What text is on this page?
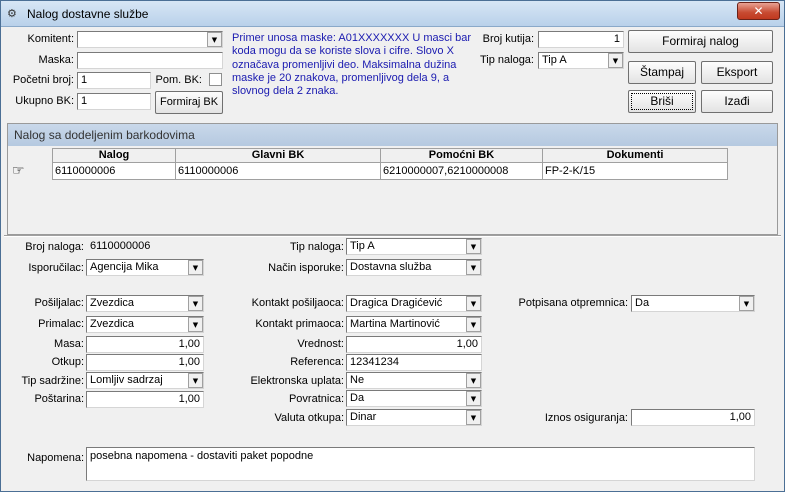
⚙ Nalog dostavne službe	✕
Komitent:	▼
Maska:
Početni broj: 1	Pom. BK:
Ukupno BK: 1	Formiraj BK
Primer unosa maske: A01XXXXXXX U masci bar koda mogu da se koriste slova i cifre. Slovo X označava promenljivi deo. Maksimalna dužina maske je 20 znakova, promenljivog dela 9, a slovnog dela 2 znaka.
Broj kutija:	1
Tip naloga: Tip A	▼
Formiraj nalog
Štampaj	Eksport
Briši	Izađi
Nalog sa dodeljenim barkodovima
Nalog	Glavni BK	Pomoćni BK	Dokumenti
☞	6110000006	6110000006	6210000007,6210000008	FP-2-K/15
Broj naloga: 6110000006
Isporučilac: Agencija Mika	▼
Pošiljalac: Zvezdica	▼
Primalac: Zvezdica	▼
Masa:	1,00
Otkup:	1,00
Tip sadržine: Lomljiv sadrzaj	▼
Poštarina:	1,00
Tip naloga: Tip A	▼
Način isporuke: Dostavna služba	▼
Kontakt pošiljaoca: Dragica Dragićević	▼
Kontakt primaoca: Martina Martinović	▼
Vrednost:	1,00
Referenca: 12341234
Elektronska uplata: Ne	▼
Povratnica: Da	▼
Valuta otkupa: Dinar	▼
Potpisana otpremnica: Da	▼
Iznos osiguranja:	1,00
Napomena: posebna napomena - dostaviti paket popodne
